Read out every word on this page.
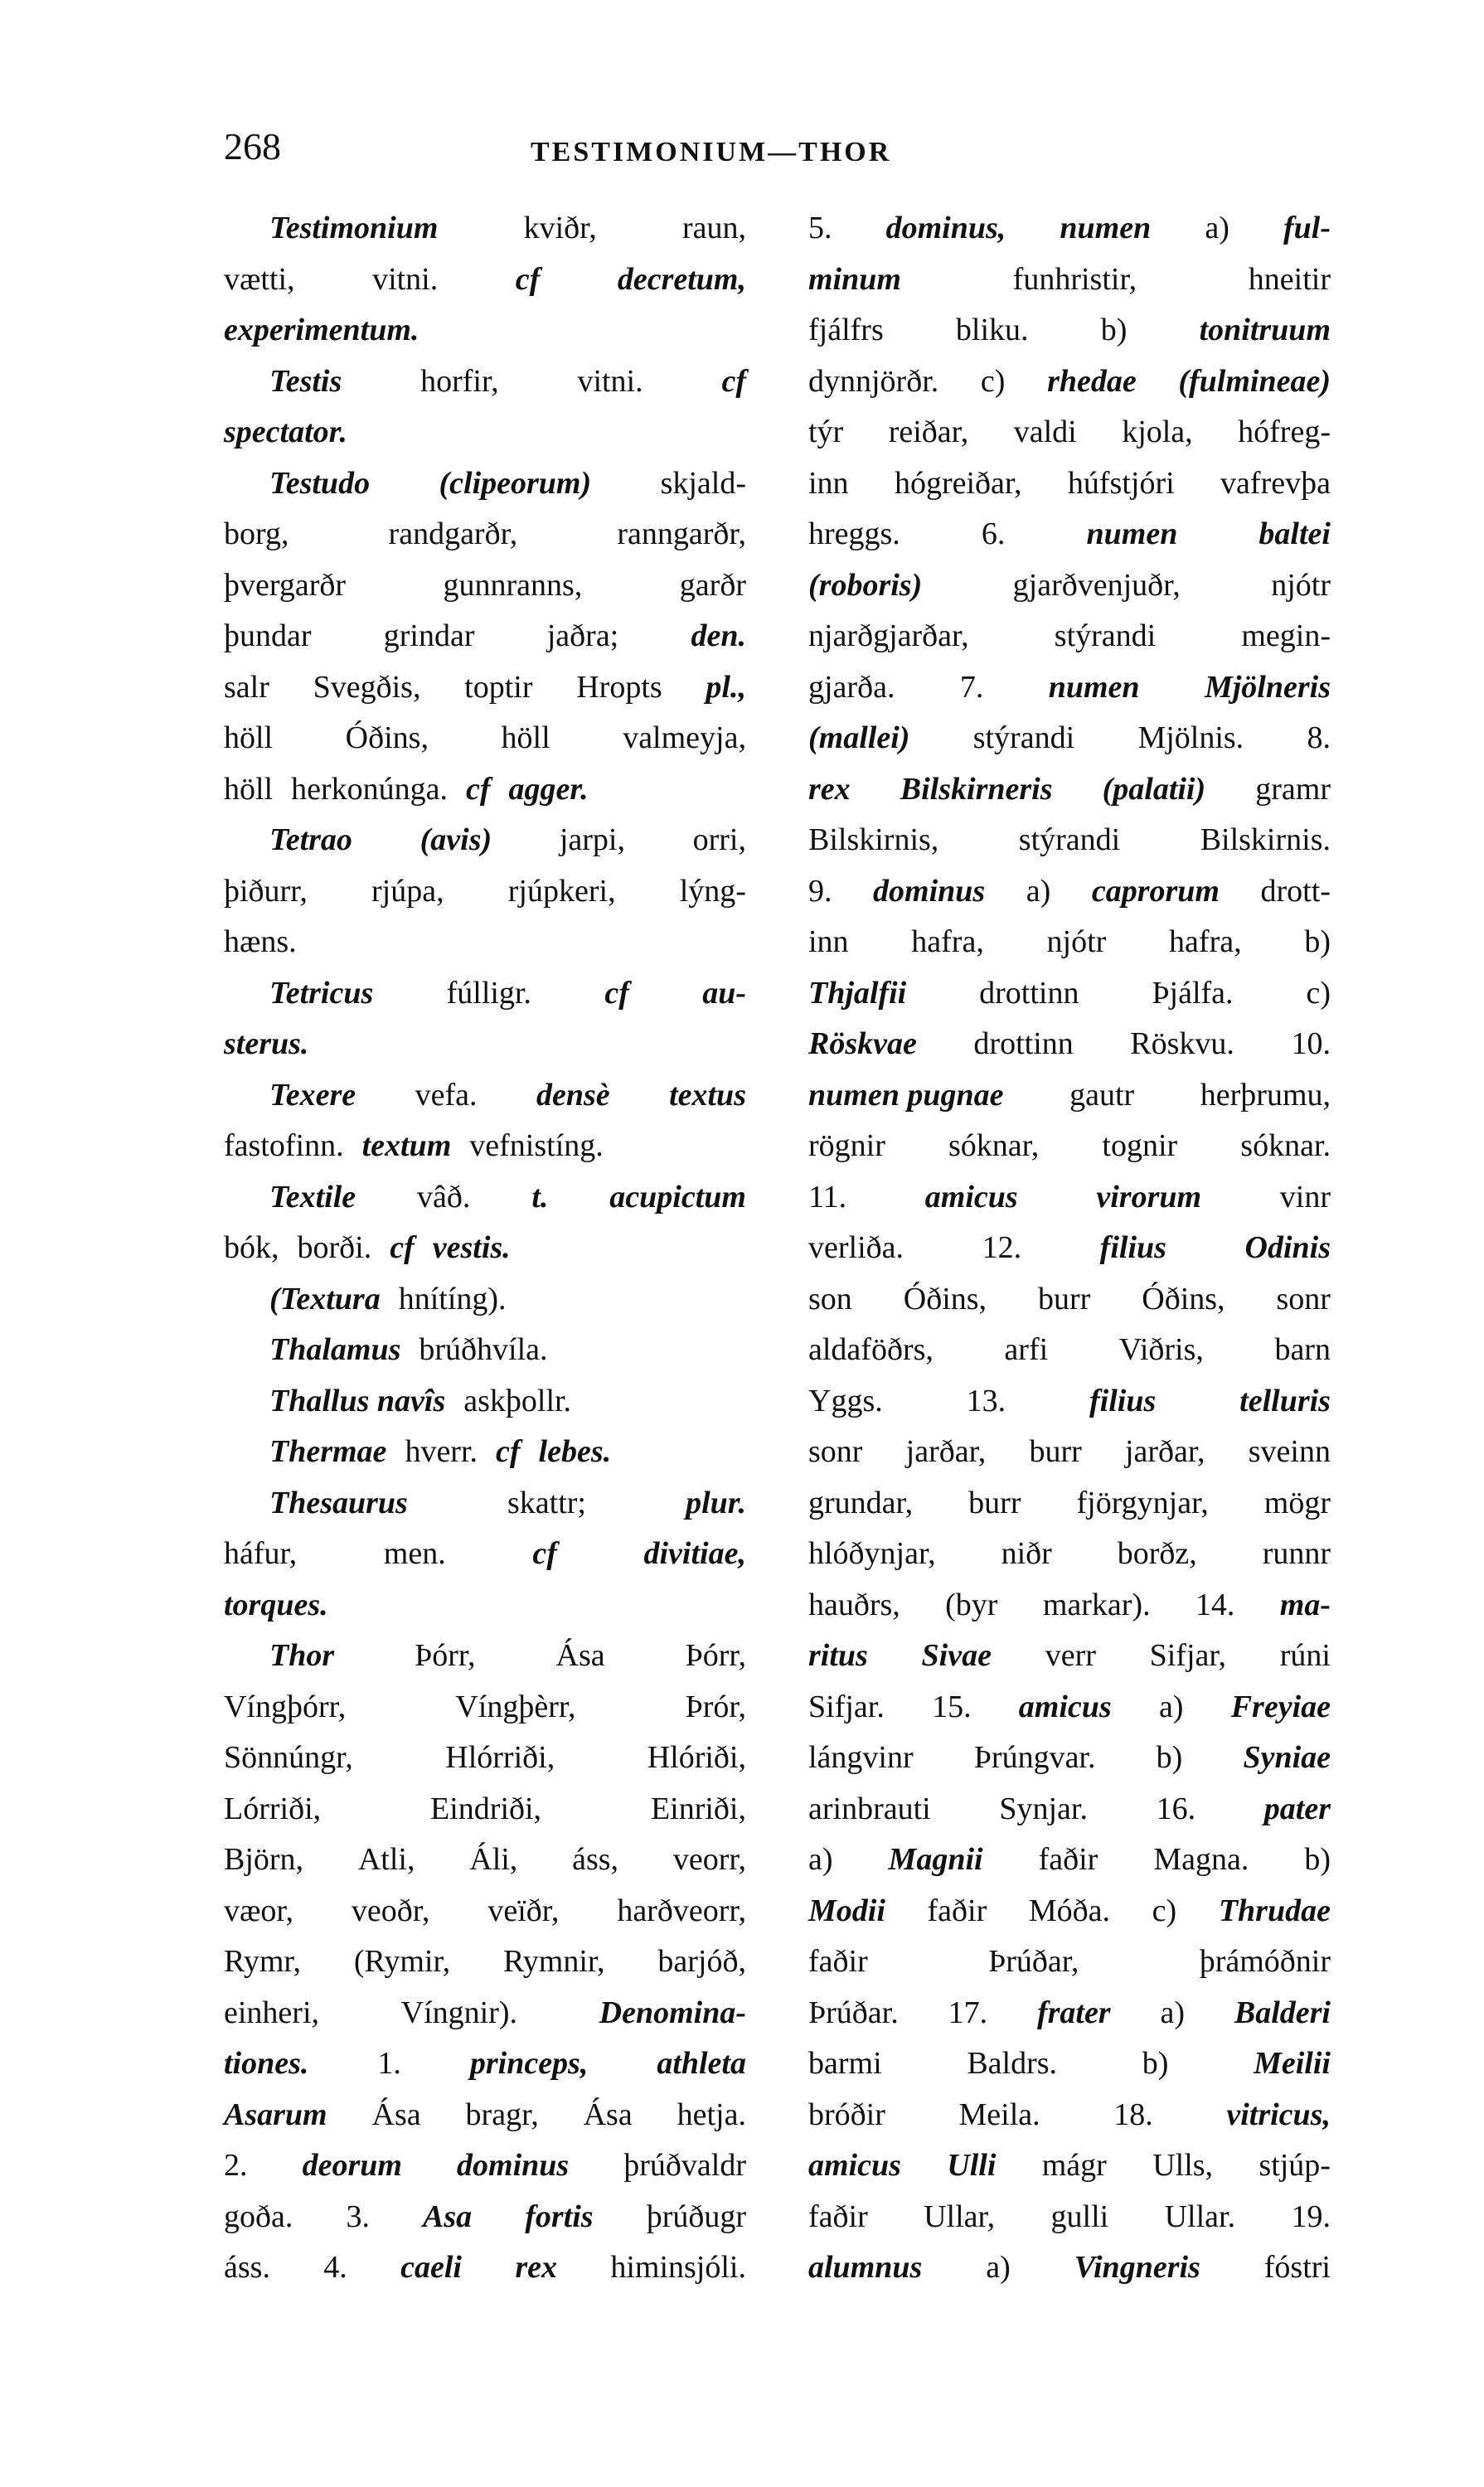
268	TESTIMONIUM—THOR
Testimonium	kviðr,	raun,
vætti, vitni. cf decretum,
experimentum.
Testis horfir, vitni. cf
spectator.
Testudo (clipeorum) skjald-
borg,	randgarðr,	ranngarðr,
þvergarðr	gunnranns,	garðr
þundar grindar jaðra; den.
salr Svegðis, toptir Hropts pl.,
höll Óðins, höll valmeyja,
höll herkonúnga. cf agger.
Tetrao (avis) jarpi, orri,
þiðurr, rjúpa, rjúpkeri, lýng-
hæns.
Tetricus fúlligr. cf au-
sterus.
Texere vefa. densè textus
fastofinn. textum vefnistíng.
Textile vâð. t. acupictum
bók, borði. cf vestis.
(Textura hnítíng).
Thalamus brúðhvíla.
Thallus navîs askþollr.
Thermae hverr. cf lebes.
Thesaurus	skattr;	plur.
háfur,	men.	cf	divitiae,
torques.
Thor	Þórr,	Ása	Þórr,
Víngþórr,	Víngþèrr,	Þrór,
Sönnúngr,	Hlórriði,	Hlóriði,
Lórriði,	Eindriði,	Einriði,
Björn, Atli, Áli, áss, veorr,
væor, veoðr, veïðr, harðveorr,
Rymr, (Rymir, Rymnir, barjóð,
einheri,	Víngnir).	Denomina-
tiones. 1. princeps, athleta
Asarum Ása bragr, Ása hetja.
2. deorum dominus þrúðvaldr
goða. 3. Asa fortis þrúðugr
áss. 4. caeli rex himinsjóli.
5. dominus, numen a) ful-
minum	funhristir,	hneitir
fjálfrs bliku. b) tonitruum
dynnjörðr. c) rhedae (fulmineae)
týr reiðar, valdi kjola, hófreg-
inn hógreiðar, húfstjóri vafrevþa
hreggs.	6.	numen	baltei
(roboris)	gjarðvenjuðr,	njótr
njarðgjarðar,	stýrandi	megin-
gjarða. 7. numen Mjölneris
(mallei) stýrandi Mjölnis. 8.
rex Bilskirneris (palatii) gramr
Bilskirnis,	stýrandi	Bilskirnis.
9. dominus a) caprorum drott-
inn hafra, njótr hafra, b)
Thjalfii drottinn Þjálfa. c)
Röskvae drottinn Röskvu. 10.
numen pugnae gautr herþrumu,
rögnir sóknar, tognir sóknar.
11. amicus virorum vinr
verliða. 12. filius Odinis
son Óðins, burr Óðins, sonr
aldaföðrs, arfi Viðris, barn
Yggs.	13.	filius	telluris
sonr jarðar, burr jarðar, sveinn
grundar, burr fjörgynjar, mögr
hlóðynjar, niðr borðz, runnr
hauðrs, (byr markar). 14. ma-
ritus Sivae verr Sifjar, rúni
Sifjar. 15. amicus a) Freyiae
lángvinr Þrúngvar. b) Syniae
arinbrauti Synjar. 16. pater
a) Magnii faðir Magna. b)
Modii faðir Móða. c) Thrudae
faðir	Þrúðar,	þrámóðnir
Þrúðar. 17. frater a) Balderi
barmi	Baldrs.	b)	Meilii
bróðir Meila. 18. vitricus,
amicus Ulli mágr Ulls, stjúp-
faðir Ullar, gulli Ullar. 19.
alumnus a) Vingneris fóstri
